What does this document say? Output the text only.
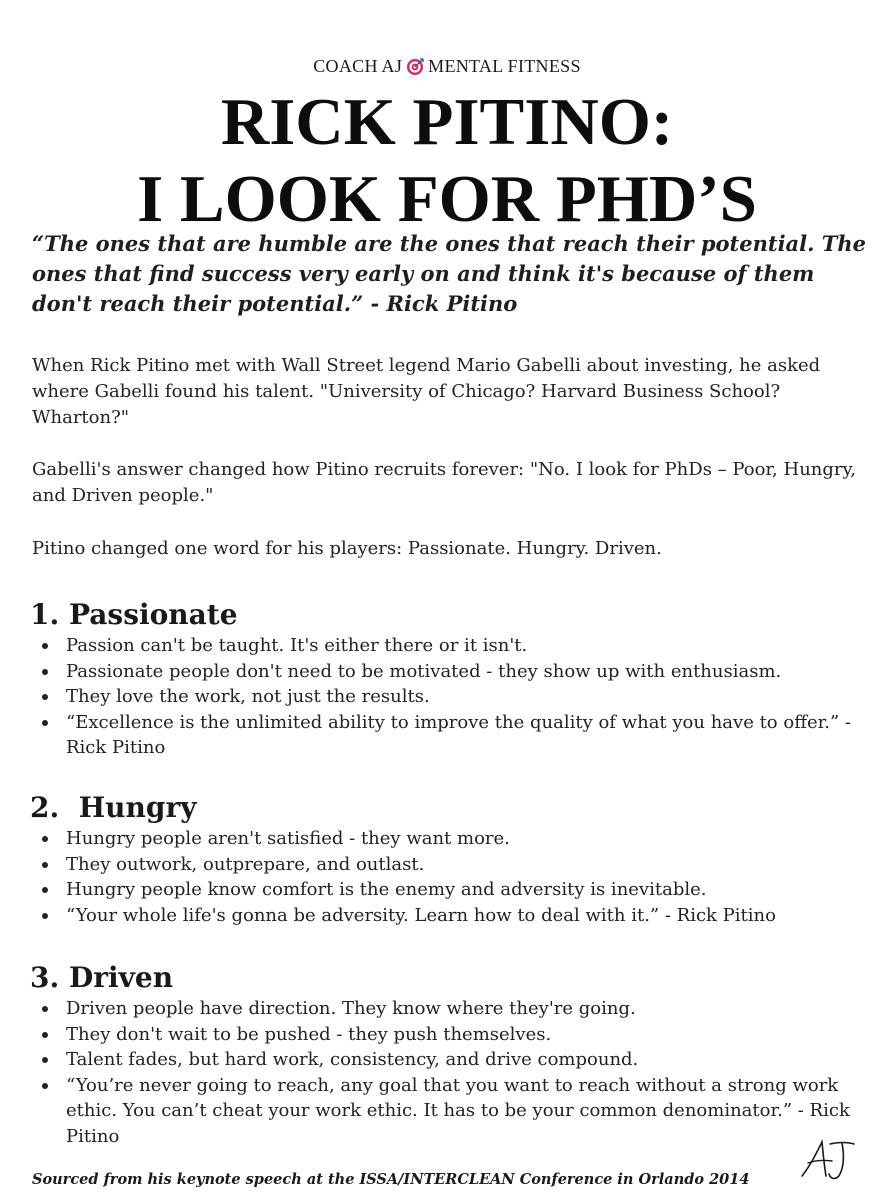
COACH AJ MENTAL FITNESS
RICK PITINO:
I LOOK FOR PHD’S

“The ones that are humble are the ones that reach their potential. The ones that find success very early on and think it's because of them don't reach their potential.” - Rick Pitino

When Rick Pitino met with Wall Street legend Mario Gabelli about investing, he asked where Gabelli found his talent. "University of Chicago? Harvard Business School? Wharton?"

Gabelli's answer changed how Pitino recruits forever: "No. I look for PhDs – Poor, Hungry, and Driven people."

Pitino changed one word for his players: Passionate. Hungry. Driven.

1. Passionate
Passion can't be taught. It's either there or it isn't.
Passionate people don't need to be motivated - they show up with enthusiasm.
They love the work, not just the results.
“Excellence is the unlimited ability to improve the quality of what you have to offer.” - Rick Pitino
2.  Hungry
Hungry people aren't satisfied - they want more.
They outwork, outprepare, and outlast.
Hungry people know comfort is the enemy and adversity is inevitable.
“Your whole life's gonna be adversity. Learn how to deal with it.” - Rick Pitino
3. Driven
Driven people have direction. They know where they're going.
They don't wait to be pushed - they push themselves.
Talent fades, but hard work, consistency, and drive compound.
“You’re never going to reach, any goal that you want to reach without a strong work ethic. You can’t cheat your work ethic. It has to be your common denominator.” - Rick Pitino

Sourced from his keynote speech at the ISSA/INTERCLEAN Conference in Orlando 2014
